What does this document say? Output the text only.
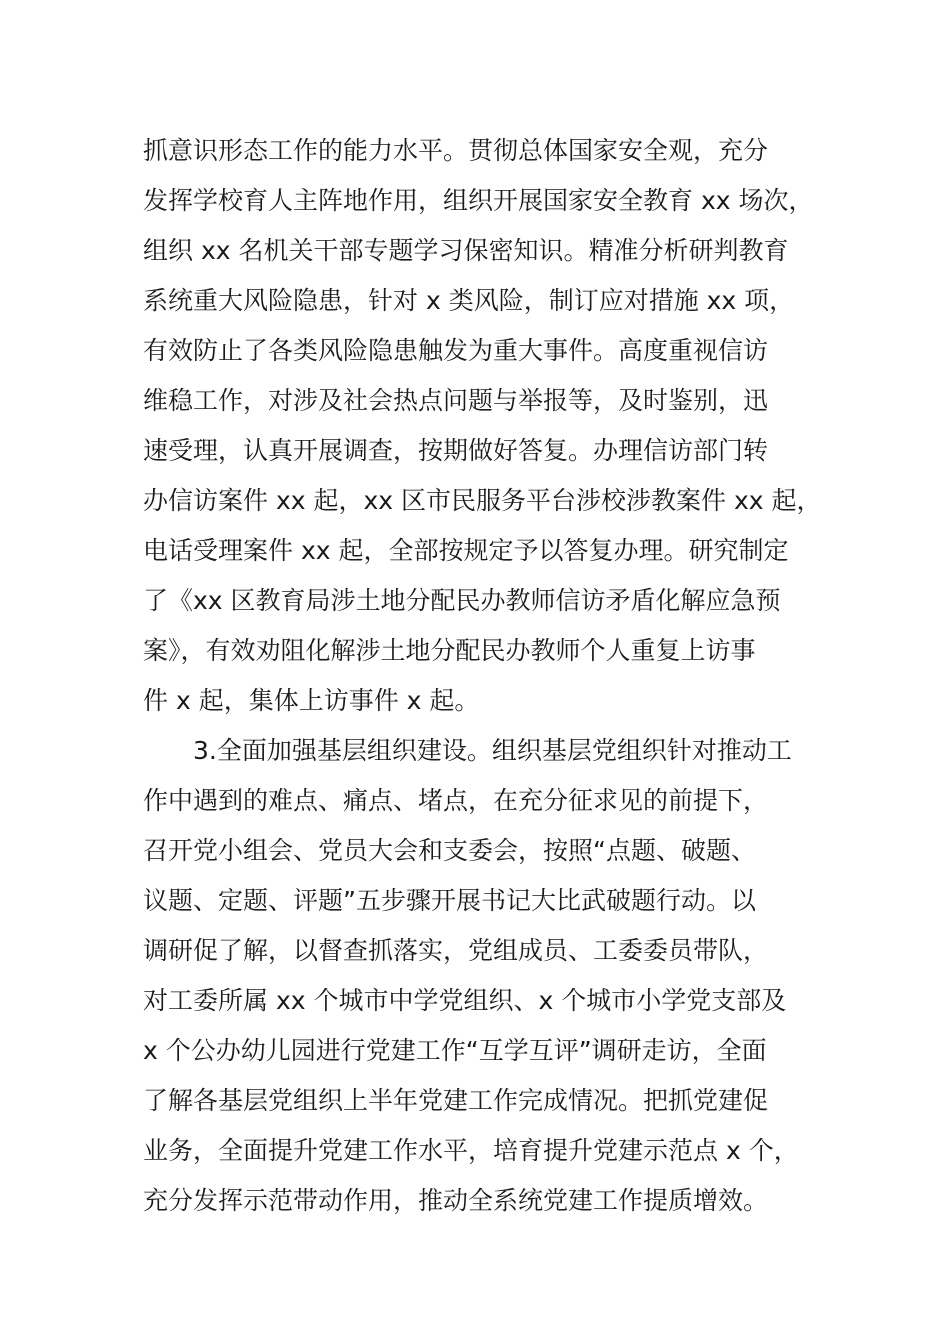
抓意识形态工作的能力水平。贯彻总体国家安全观，充分
发挥学校育人主阵地作用，组织开展国家安全教育 xx 场次，
组织 xx 名机关干部专题学习保密知识。精准分析研判教育
系统重大风险隐患，针对 x 类风险，制订应对措施 xx 项，
有效防止了各类风险隐患触发为重大事件。高度重视信访
维稳工作，对涉及社会热点问题与举报等，及时鉴别，迅
速受理，认真开展调查，按期做好答复。办理信访部门转
办信访案件 xx 起，xx 区市民服务平台涉校涉教案件 xx 起，
电话受理案件 xx 起，全部按规定予以答复办理。研究制定
了《xx 区教育局涉土地分配民办教师信访矛盾化解应急预
案》，有效劝阻化解涉土地分配民办教师个人重复上访事
件 x 起，集体上访事件 x 起。
3.全面加强基层组织建设。组织基层党组织针对推动工
作中遇到的难点、痛点、堵点，在充分征求见的前提下，
召开党小组会、党员大会和支委会，按照“点题、破题、
议题、定题、评题”五步骤开展书记大比武破题行动。以
调研促了解，以督查抓落实，党组成员、工委委员带队，
对工委所属 xx 个城市中学党组织、x 个城市小学党支部及
x 个公办幼儿园进行党建工作“互学互评”调研走访，全面
了解各基层党组织上半年党建工作完成情况。把抓党建促
业务，全面提升党建工作水平，培育提升党建示范点 x 个，
充分发挥示范带动作用，推动全系统党建工作提质增效。
